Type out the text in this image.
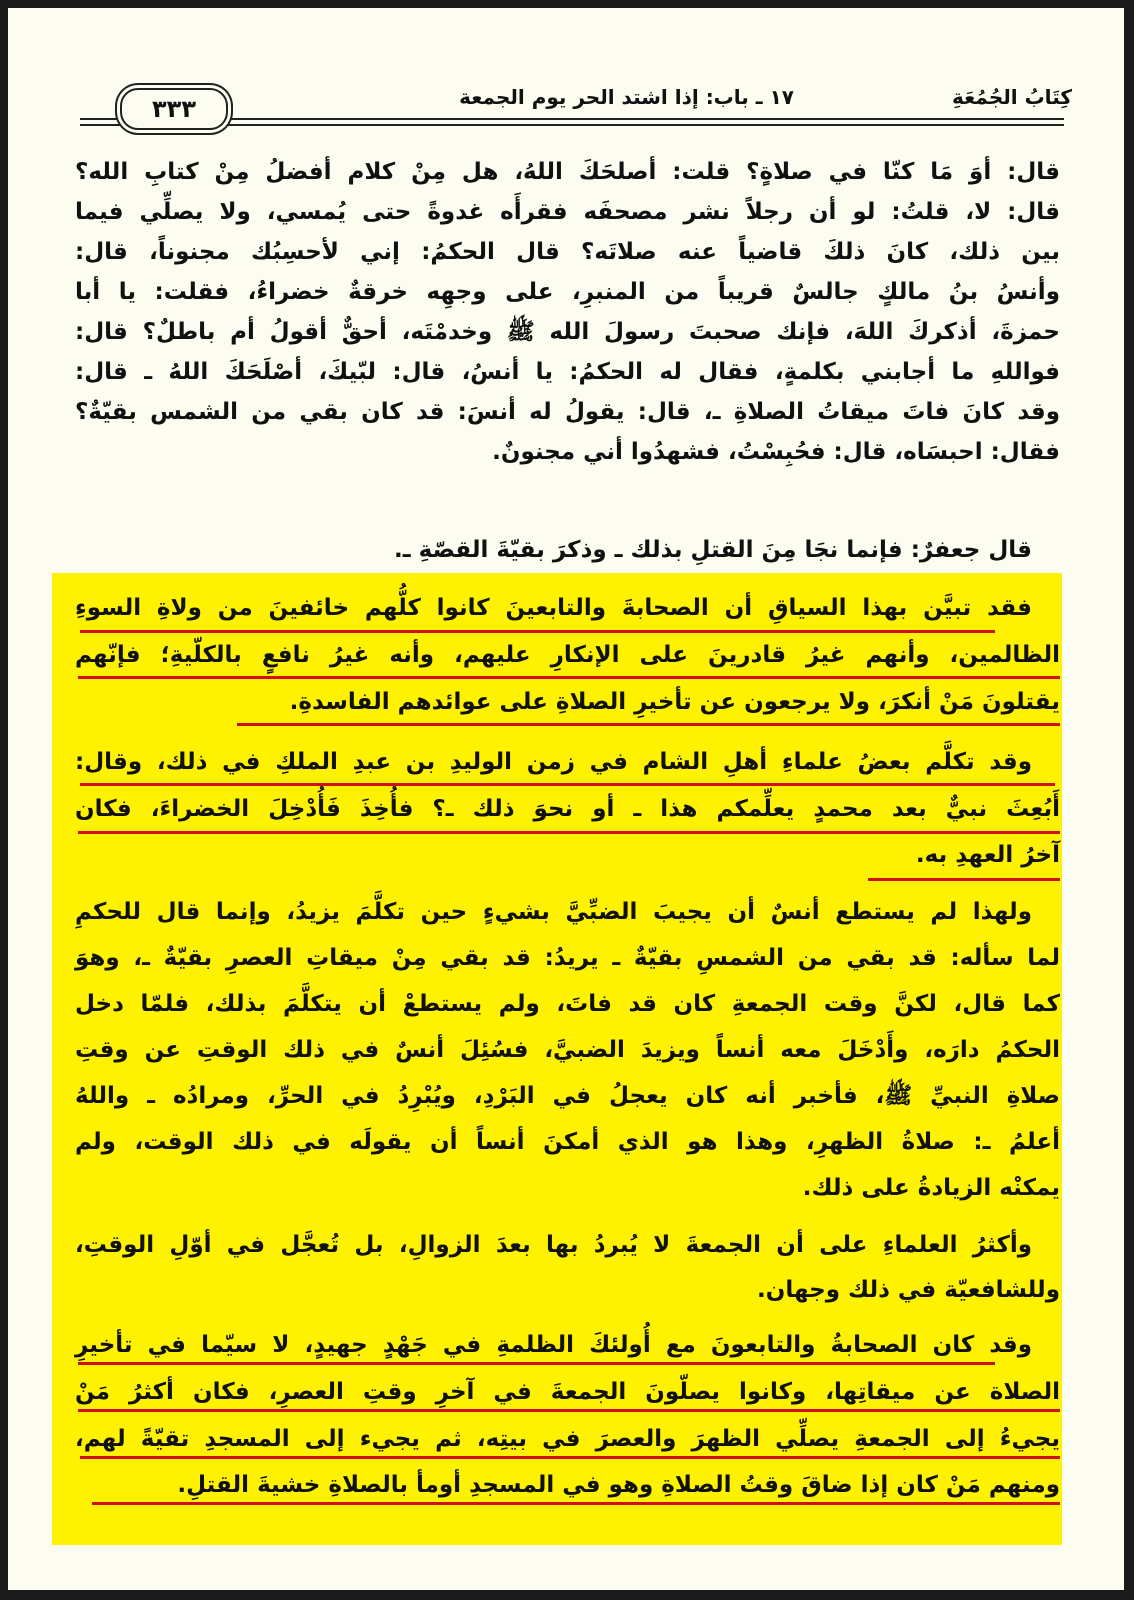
كِتَابُ الجُمُعَةِ
١٧ ـ باب: إذا اشتد الحر يوم الجمعة
٣٣٣
قال: أوَ مَا كنّا في صلاةٍ؟ قلت: أصلحَكَ اللهُ، هل مِنْ كلام أفضلُ مِنْ كتابِ الله؟
قال: لا، قلتُ: لو أن رجلاً نشر مصحفَه فقرأَه غدوةً حتى يُمسي، ولا يصلِّي فيما
بين ذلك، كانَ ذلكَ قاضياً عنه صلاتَه؟ قال الحكمُ: إني لأحسِبُك مجنوناً، قال:
وأنسُ بنُ مالكٍ جالسٌ قريباً من المنبرِ، على وجهِه خرقةٌ خضراءُ، فقلت: يا أبا
حمزةَ، أذكركَ اللهَ، فإنك صحبتَ رسولَ الله ﷺ وخدمْتَه، أحقٌّ أقولُ أم باطلٌ؟ قال:
فواللهِ ما أجابني بكلمةٍ، فقال له الحكمُ: يا أنسُ، قال: لبّيكَ، أصْلَحَكَ اللهُ ـ قال:
وقد كانَ فاتَ ميقاتُ الصلاةِ ـ، قال: يقولُ له أنسَ: قد كان بقي من الشمس بقيّةٌ؟
فقال: احبسَاه، قال: فحُبِسْتُ، فشهدُوا أني مجنونٌ.
قال جعفرٌ: فإنما نجَا مِنَ القتلِ بذلك ـ وذكرَ بقيّةَ القصّةِ ـ.
فقد تبيَّن بهذا السياقِ أن الصحابةَ والتابعينَ كانوا كلُّهم خائفينَ من ولاةِ السوءِ
الظالمين، وأنهم غيرُ قادرينَ على الإنكارِ عليهم، وأنه غيرُ نافعٍ بالكلّيةِ؛ فإنّهم
يقتلونَ مَنْ أنكرَ، ولا يرجعون عن تأخيرِ الصلاةِ على عوائدهم الفاسدةِ.
وقد تكلَّم بعضُ علماءِ أهلِ الشام في زمن الوليدِ بن عبدِ الملكِ في ذلك، وقال:
أَبُعِثَ نبيٌّ بعد محمدٍ يعلِّمكم هذا ـ أو نحوَ ذلك ـ؟ فأُخِذَ فَأُدْخِلَ الخضراءَ، فكان
آخرُ العهدِ به.
ولهذا لم يستطع أنسٌ أن يجيبَ الضبِّيَّ بشيءٍ حين تكلَّمَ يزيدُ، وإنما قال للحكمِ
لما سأله: قد بقي من الشمسِ بقيّةٌ ـ يريدُ: قد بقي مِنْ ميقاتِ العصرِ بقيّةٌ ـ، وهوَ
كما قال، لكنَّ وقت الجمعةِ كان قد فاتَ، ولم يستطعْ أن يتكلَّمَ بذلك، فلمّا دخل
الحكمُ دارَه، وأَدْخَلَ معه أنساً ويزيدَ الضبيَّ، فسُئِلَ أنسٌ في ذلك الوقتِ عن وقتِ
صلاةِ النبيِّ ﷺ، فأخبر أنه كان يعجلُ في البَرْدِ، ويُبْرِدُ في الحرِّ، ومرادُه ـ واللهُ
أعلمُ ـ: صلاةُ الظهرِ، وهذا هو الذي أمكنَ أنساً أن يقولَه في ذلك الوقت، ولم
يمكنْه الزيادةُ على ذلك.
وأكثرُ العلماءِ على أن الجمعةَ لا يُبردُ بها بعدَ الزوالِ، بل تُعجَّل في أوّلِ الوقتِ،
وللشافعيّة في ذلك وجهان.
وقد كان الصحابةُ والتابعونَ مع أُولئكَ الظلمةِ في جَهْدٍ جهيدٍ، لا سيّما في تأخيرِ
الصلاة عن ميقاتِها، وكانوا يصلّونَ الجمعةَ في آخرِ وقتِ العصرِ، فكان أكثرُ مَنْ
يجيءُ إلى الجمعةِ يصلِّي الظهرَ والعصرَ في بيتِه، ثم يجيء إلى المسجدِ تقيّةً لهم،
ومنهم مَنْ كان إذا ضاقَ وقتُ الصلاةِ وهو في المسجدِ أومأ بالصلاةِ خشيةَ القتلِ.
